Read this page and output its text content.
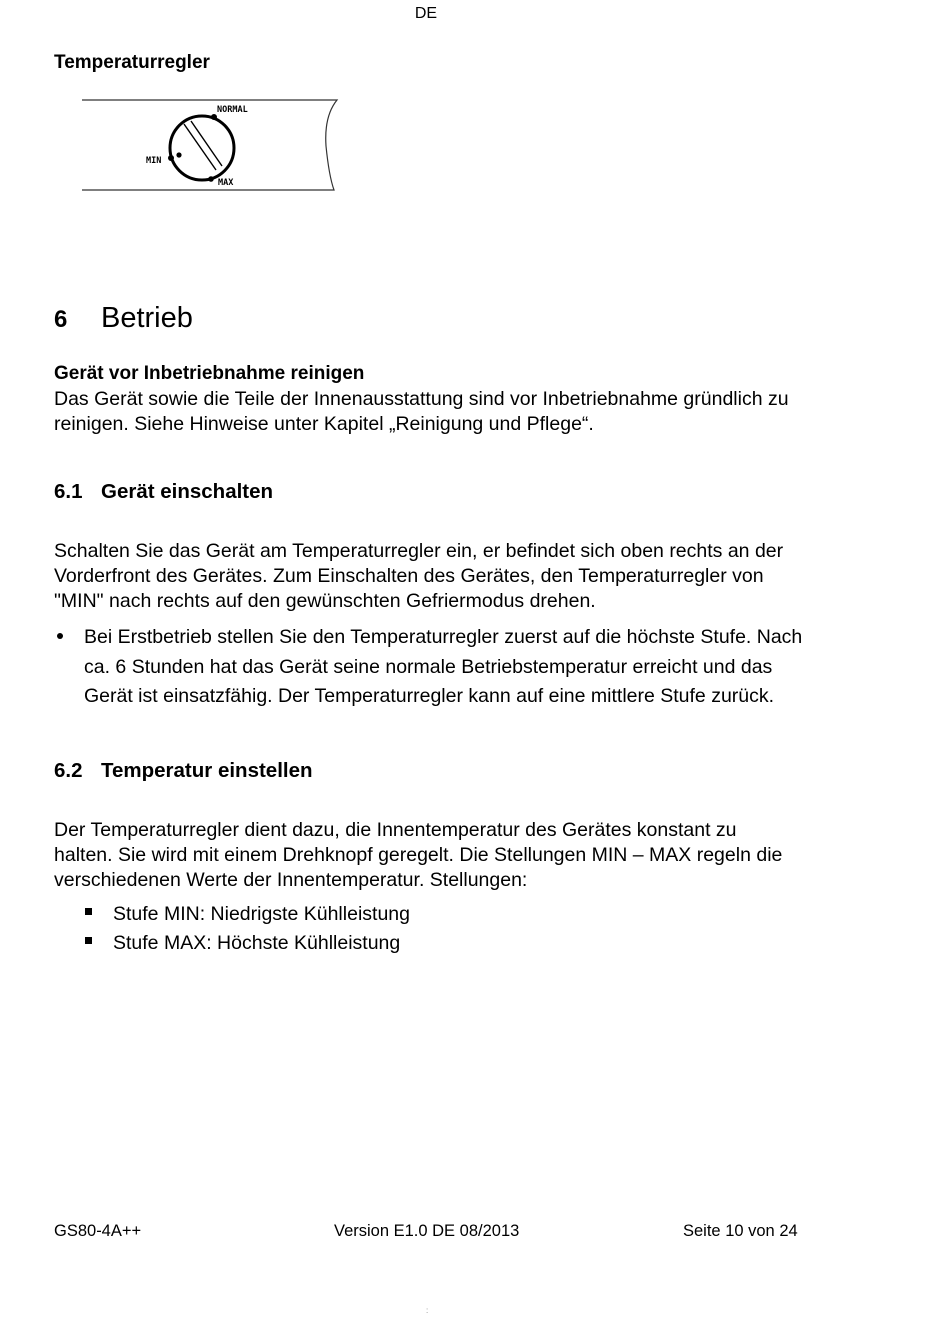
DE
Temperaturregler
NORMAL
MIN
MAX
6 Betrieb
Gerät vor Inbetriebnahme reinigen
Das Gerät sowie die Teile der Innenausstattung sind vor Inbetriebnahme gründlich zu
reinigen. Siehe Hinweise unter Kapitel „Reinigung und Pflege“.
6.1 Gerät einschalten
Schalten Sie das Gerät am Temperaturregler ein, er befindet sich oben rechts an der
Vorderfront des Gerätes. Zum Einschalten des Gerätes, den Temperaturregler von
"MIN" nach rechts auf den gewünschten Gefriermodus drehen.
Bei Erstbetrieb stellen Sie den Temperaturregler zuerst auf die höchste Stufe. Nach
ca. 6 Stunden hat das Gerät seine normale Betriebstemperatur erreicht und das
Gerät ist einsatzfähig. Der Temperaturregler kann auf eine mittlere Stufe zurück.
6.2 Temperatur einstellen
Der Temperaturregler dient dazu, die Innentemperatur des Gerätes konstant zu
halten. Sie wird mit einem Drehknopf geregelt. Die Stellungen MIN – MAX regeln die
verschiedenen Werte der Innentemperatur. Stellungen:
Stufe MIN: Niedrigste Kühlleistung
Stufe MAX: Höchste Kühlleistung
GS80-4A++	Version E1.0 DE 08/2013	Seite 10 von 24
:
